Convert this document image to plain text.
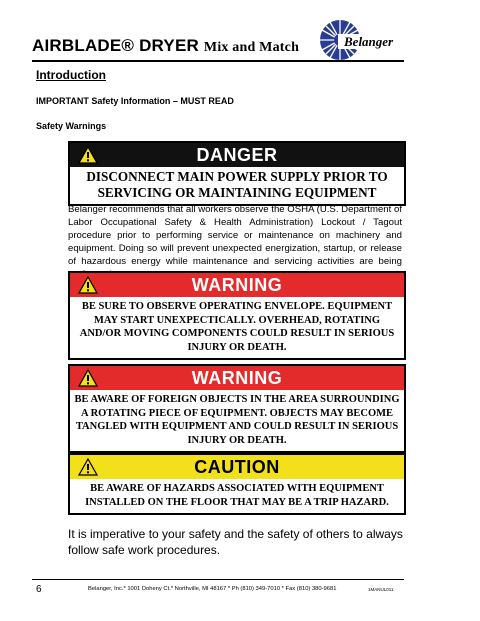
AIRBLADE® DRYER Mix and Match	Belanger
Introduction
IMPORTANT Safety Information – MUST READ
Safety Warnings
DANGER
DISCONNECT MAIN POWER SUPPLY PRIOR TO SERVICING OR MAINTAINING EQUIPMENT
Belanger recommends that all workers observe the OSHA (U.S. Department of Labor Occupational Safety & Health Administration) Lockout / Tagout procedure prior to performing service or maintenance on machinery and equipment. Doing so will prevent unexpected energization, startup, or release of hazardous energy while maintenance and servicing activities are being
WARNING
BE SURE TO OBSERVE OPERATING ENVELOPE. EQUIPMENT MAY START UNEXPECTICALLY. OVERHEAD, ROTATING AND/OR MOVING COMPONENTS COULD RESULT IN SERIOUS INJURY OR DEATH.
WARNING
BE AWARE OF FOREIGN OBJECTS IN THE AREA SURROUNDING A ROTATING PIECE OF EQUIPMENT. OBJECTS MAY BECOME TANGLED WITH EQUIPMENT AND COULD RESULT IN SERIOUS INJURY OR DEATH.
CAUTION
BE AWARE OF HAZARDS ASSOCIATED WITH EQUIPMENT INSTALLED ON THE FLOOR THAT MAY BE A TRIP HAZARD.
It is imperative to your safety and the safety of others to always follow safe work procedures.
6	Belanger, Inc.* 1001 Doheny Ct.* Northville, MI 48167 * Ph (810) 349-7010 * Fax (810) 380-9681	1MANUL011
